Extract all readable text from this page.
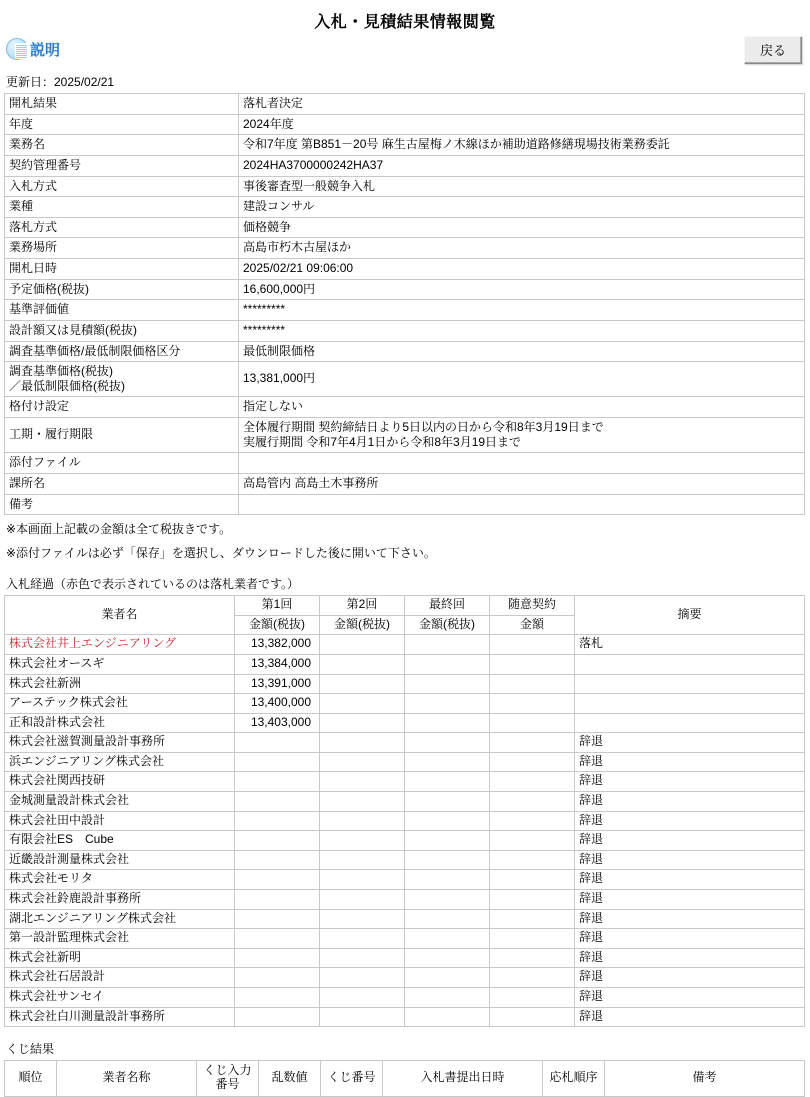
入札・見積結果情報閲覧
説明	戻る
更新日：2025/02/21
開札結果	落札者決定
年度	2024年度
業務名	令和7年度 第B851－20号 麻生古屋梅ノ木線ほか補助道路修繕現場技術業務委託
契約管理番号	2024HA3700000242HA37
入札方式	事後審査型一般競争入札
業種	建設コンサル
落札方式	価格競争
業務場所	高島市朽木古屋ほか
開札日時	2025/02/21 09:06:00
予定価格(税抜)	16,600,000円
基準評価値	*********
設計額又は見積額(税抜)	*********
調査基準価格/最低制限価格区分	最低制限価格
調査基準価格(税抜)
／最低制限価格(税抜)	13,381,000円
格付け設定	指定しない
工期・履行期限	全体履行期間 契約締結日より5日以内の日から令和8年3月19日まで
実履行期間 令和7年4月1日から令和8年3月19日まで
添付ファイル	
課所名	高島管内 高島土木事務所
備考	
※本画面上記載の金額は全て税抜きです。
※添付ファイルは必ず「保存」を選択し、ダウンロードした後に開いて下さい。
入札経過（赤色で表示されているのは落札業者です。）
業者名	第1回	第2回	最終回	随意契約	摘要
	金額(税抜)	金額(税抜)	金額(税抜)	金額	
株式会社井上エンジニアリング	13,382,000				落札
株式会社オースギ	13,384,000				
株式会社新洲	13,391,000				
アーステック株式会社	13,400,000				
正和設計株式会社	13,403,000				
株式会社滋賀測量設計事務所					辞退
浜エンジニアリング株式会社					辞退
株式会社関西技研					辞退
金城測量設計株式会社					辞退
株式会社田中設計					辞退
有限会社ES　Cube					辞退
近畿設計測量株式会社					辞退
株式会社モリタ					辞退
株式会社鈴鹿設計事務所					辞退
湖北エンジニアリング株式会社					辞退
第一設計監理株式会社					辞退
株式会社新明					辞退
株式会社石居設計					辞退
株式会社サンセイ					辞退
株式会社白川測量設計事務所					辞退
くじ結果
順位	業者名称	くじ入力番号	乱数値	くじ番号	入札書提出日時	応札順序	備考
